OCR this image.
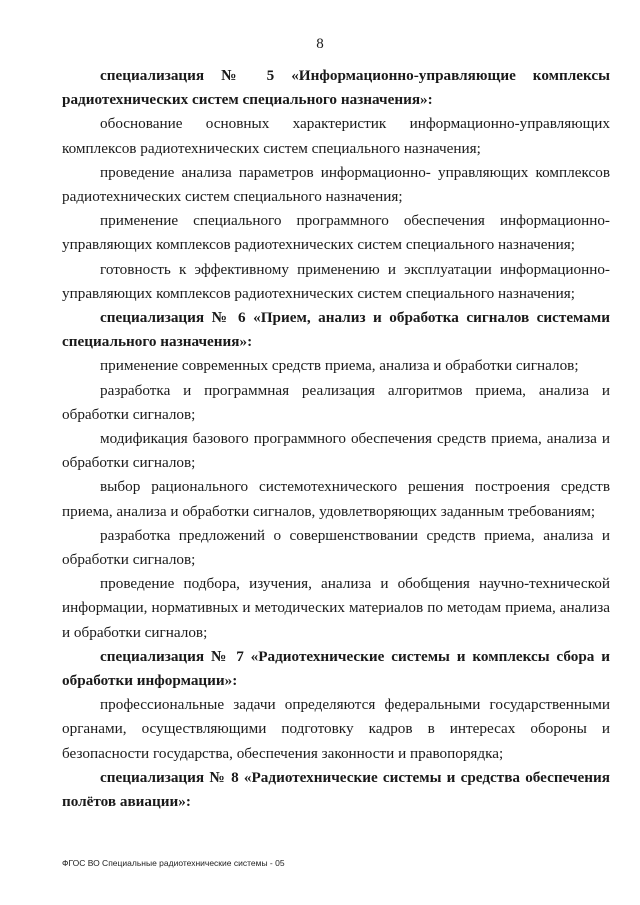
8

специализация № 5 «Информационно-управляющие комплексы радиотехнических систем специального назначения»:

обоснование основных характеристик информационно-управляющих комплексов радиотехнических систем специального назначения;

проведение анализа параметров информационно- управляющих комплексов радиотехнических систем специального назначения;

применение специального программного обеспечения информационно-управляющих комплексов радиотехнических систем специального назначения;

готовность к эффективному применению и эксплуатации информационно-управляющих комплексов радиотехнических систем специального назначения;

специализация № 6 «Прием, анализ и обработка сигналов системами специального назначения»:

применение современных средств приема, анализа и обработки сигналов;

разработка и программная реализация алгоритмов приема, анализа и обработки сигналов;

модификация базового программного обеспечения средств приема, анализа и обработки сигналов;

выбор рационального системотехнического решения построения средств приема, анализа и обработки сигналов, удовлетворяющих заданным требованиям;

разработка предложений о совершенствовании средств приема, анализа и обработки сигналов;

проведение подбора, изучения, анализа и обобщения научно-технической информации, нормативных и методических материалов по методам приема, анализа и обработки сигналов;

специализация № 7 «Радиотехнические системы и комплексы сбора и обработки информации»:

профессиональные задачи определяются федеральными государственными органами, осуществляющими подготовку кадров в интересах обороны и безопасности государства, обеспечения законности и правопорядка;

специализация № 8 «Радиотехнические системы и средства обеспечения полётов авиации»:

ФГОС ВО Специальные радиотехнические системы - 05
